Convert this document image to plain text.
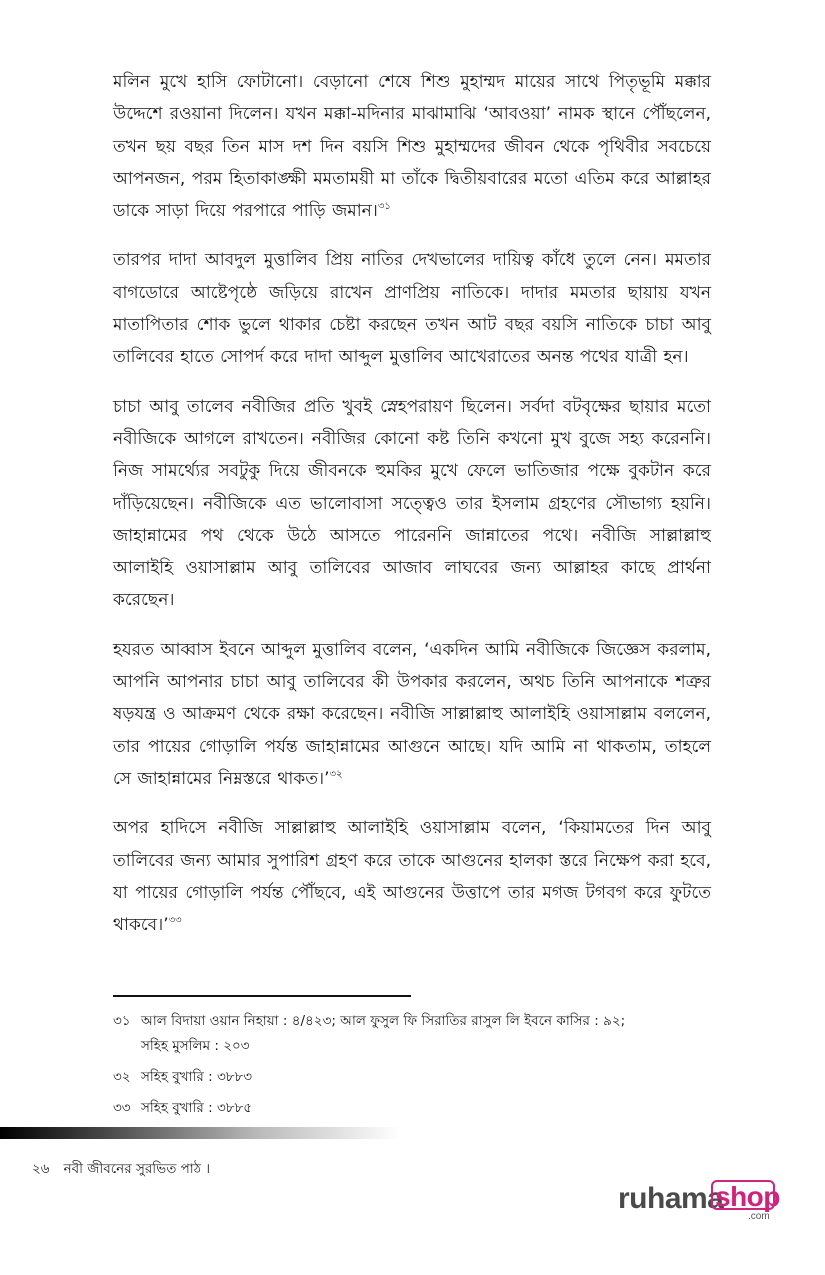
মলিন মুখে হাসি ফোটানো। বেড়ানো শেষে শিশু মুহাম্মদ মায়ের সাথে পিতৃভূমি মক্কার উদ্দেশে রওয়ানা দিলেন। যখন মক্কা-মদিনার মাঝামাঝি ‘আবওয়া’ নামক স্থানে পৌঁছলেন, তখন ছয় বছর তিন মাস দশ দিন বয়সি শিশু মুহাম্মদের জীবন থেকে পৃথিবীর সবচেয়ে আপনজন, পরম হিতাকাঙ্ক্ষী মমতাময়ী মা তাঁকে দ্বিতীয়বারের মতো এতিম করে আল্লাহর ডাকে সাড়া দিয়ে পরপারে পাড়ি জমান।$^{৩১}$

তারপর দাদা আবদুল মুত্তালিব প্রিয় নাতির দেখভালের দায়িত্ব কাঁধে তুলে নেন। মমতার বাগডোরে আষ্টেপৃষ্ঠে জড়িয়ে রাখেন প্রাণপ্রিয় নাতিকে। দাদার মমতার ছায়ায় যখন মাতাপিতার শোক ভুলে থাকার চেষ্টা করছেন তখন আট বছর বয়সি নাতিকে চাচা আবু তালিবের হাতে সোপর্দ করে দাদা আব্দুল মুত্তালিব আখেরাতের অনন্ত পথের যাত্রী হন।

চাচা আবু তালেব নবীজির প্রতি খুবই স্নেহপরায়ণ ছিলেন। সর্বদা বটবৃক্ষের ছায়ার মতো নবীজিকে আগলে রাখতেন। নবীজির কোনো কষ্ট তিনি কখনো মুখ বুজে সহ্য করেননি। নিজ সামর্থ্যের সবটুকু দিয়ে জীবনকে হুমকির মুখে ফেলে ভাতিজার পক্ষে বুকটান করে দাঁড়িয়েছেন। নবীজিকে এত ভালোবাসা সত্ত্বেও তার ইসলাম গ্রহণের সৌভাগ্য হয়নি। জাহান্নামের পথ থেকে উঠে আসতে পারেননি জান্নাতের পথে। নবীজি সাল্লাল্লাহু আলাইহি ওয়াসাল্লাম আবু তালিবের আজাব লাঘবের জন্য আল্লাহর কাছে প্রার্থনা করেছেন।

হযরত আব্বাস ইবনে আব্দুল মুত্তালিব বলেন, ‘একদিন আমি নবীজিকে জিজ্ঞেস করলাম, আপনি আপনার চাচা আবু তালিবের কী উপকার করলেন, অথচ তিনি আপনাকে শত্রুর ষড়যন্ত্র ও আক্রমণ থেকে রক্ষা করেছেন। নবীজি সাল্লাল্লাহু আলাইহি ওয়াসাল্লাম বললেন, তার পায়ের গোড়ালি পর্যন্ত জাহান্নামের আগুনে আছে। যদি আমি না থাকতাম, তাহলে সে জাহান্নামের নিম্নস্তরে থাকত।’$^{৩২}$

অপর হাদিসে নবীজি সাল্লাল্লাহু আলাইহি ওয়াসাল্লাম বলেন, ‘কিয়ামতের দিন আবু তালিবের জন্য আমার সুপারিশ গ্রহণ করে তাকে আগুনের হালকা স্তরে নিক্ষেপ করা হবে, যা পায়ের গোড়ালি পর্যন্ত পৌঁছবে, এই আগুনের উত্তাপে তার মগজ টগবগ করে ফুটতে থাকবে।’$^{৩৩}$

৩১ আল বিদায়া ওয়ান নিহায়া : ৪/৪২৩; আল ফুসুল ফি সিরাতির রাসুল লি ইবনে কাসির : ৯২;
সহিহ মুসলিম : ২০৩
৩২ সহিহ বুখারি : ৩৮৮৩
৩৩ সহিহ বুখারি : ৩৮৮৫
২৬ নবী জীবনের সুরভিত পাঠ ।
ruhama
shop
.com
